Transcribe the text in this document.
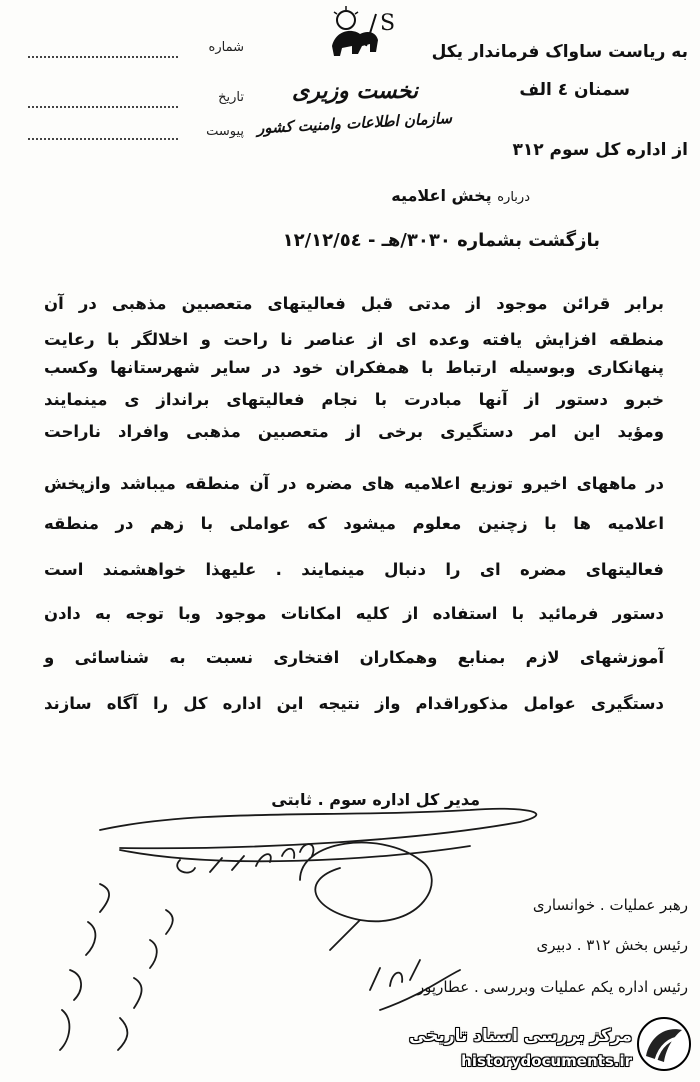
S
شماره
تاریخ
پیوست
نخست وزیری
سازمان اطلاعات وامنیت کشور
به ریاست ساواک فرماندار یکل
سمنان ٤ الف
از اداره کل سوم ٣١٢
درباره پخش اعلامیه
بازگشت بشماره ٣٠٣٠/هـ - ١٢/١٢/٥٤
برابر قرائن موجود از مدتی قبل فعالیتهای متعصبین مذهبی در آن
منطقه افزایش یافته وعده ای از عناصر نا راحت و اخلالگر با رعایت
پنهانکاری وبوسیله ارتباط با همفکران خود در سایر شهرستانها وکسب
خبرو دستور از آنها مبادرت با نجام فعالیتهای برانداز ی مینمایند
ومؤید این امر دستگیری برخی از متعصبین مذهبی وافراد ناراحت
در ماههای اخیرو توزیع اعلامیه های مضره در آن منطقه میباشد وازپخش
اعلامیه ها با زچنین معلوم میشود که عواملی با زهم در منطقه
فعالیتهای مضره ای را دنبال مینمایند . علیهذا خواهشمند است
دستور فرمائید با استفاده از کلیه امکانات موجود وبا توجه به دادن
آموزشهای لازم بمنابع وهمکاران افتخاری نسبت به شناسائی و
دستگیری عوامل مذکوراقدام واز نتیجه این اداره کل را آگاه سازند
مدیر کل اداره سوم . ثابتی
رهبر عملیات . خوانساری
رئیس بخش ٣١٢ . دبیری
رئیس اداره یکم عملیات وبررسی . عطارپور
مرکز بررسی اسناد تاریخی
historydocuments.ir
